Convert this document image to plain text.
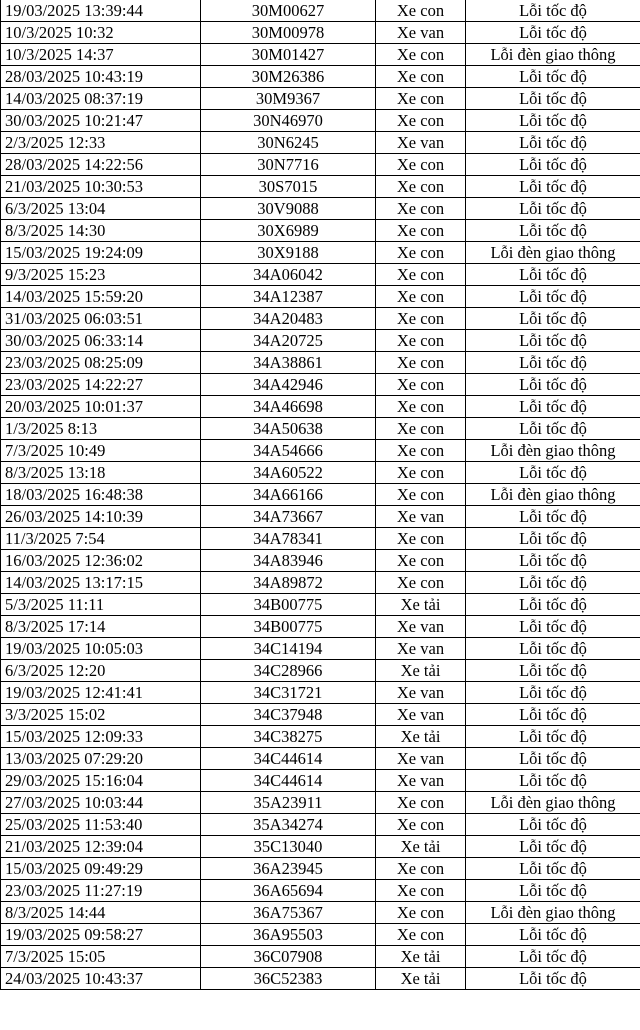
19/03/2025 13:39:44	30M00627	Xe con	Lỗi tốc độ
10/3/2025 10:32	30M00978	Xe van	Lỗi tốc độ
10/3/2025 14:37	30M01427	Xe con	Lỗi đèn giao thông
28/03/2025 10:43:19	30M26386	Xe con	Lỗi tốc độ
14/03/2025 08:37:19	30M9367	Xe con	Lỗi tốc độ
30/03/2025 10:21:47	30N46970	Xe con	Lỗi tốc độ
2/3/2025 12:33	30N6245	Xe van	Lỗi tốc độ
28/03/2025 14:22:56	30N7716	Xe con	Lỗi tốc độ
21/03/2025 10:30:53	30S7015	Xe con	Lỗi tốc độ
6/3/2025 13:04	30V9088	Xe con	Lỗi tốc độ
8/3/2025 14:30	30X6989	Xe con	Lỗi tốc độ
15/03/2025 19:24:09	30X9188	Xe con	Lỗi đèn giao thông
9/3/2025 15:23	34A06042	Xe con	Lỗi tốc độ
14/03/2025 15:59:20	34A12387	Xe con	Lỗi tốc độ
31/03/2025 06:03:51	34A20483	Xe con	Lỗi tốc độ
30/03/2025 06:33:14	34A20725	Xe con	Lỗi tốc độ
23/03/2025 08:25:09	34A38861	Xe con	Lỗi tốc độ
23/03/2025 14:22:27	34A42946	Xe con	Lỗi tốc độ
20/03/2025 10:01:37	34A46698	Xe con	Lỗi tốc độ
1/3/2025 8:13	34A50638	Xe con	Lỗi tốc độ
7/3/2025 10:49	34A54666	Xe con	Lỗi đèn giao thông
8/3/2025 13:18	34A60522	Xe con	Lỗi tốc độ
18/03/2025 16:48:38	34A66166	Xe con	Lỗi đèn giao thông
26/03/2025 14:10:39	34A73667	Xe van	Lỗi tốc độ
11/3/2025 7:54	34A78341	Xe con	Lỗi tốc độ
16/03/2025 12:36:02	34A83946	Xe con	Lỗi tốc độ
14/03/2025 13:17:15	34A89872	Xe con	Lỗi tốc độ
5/3/2025 11:11	34B00775	Xe tải	Lỗi tốc độ
8/3/2025 17:14	34B00775	Xe van	Lỗi tốc độ
19/03/2025 10:05:03	34C14194	Xe van	Lỗi tốc độ
6/3/2025 12:20	34C28966	Xe tải	Lỗi tốc độ
19/03/2025 12:41:41	34C31721	Xe van	Lỗi tốc độ
3/3/2025 15:02	34C37948	Xe van	Lỗi tốc độ
15/03/2025 12:09:33	34C38275	Xe tải	Lỗi tốc độ
13/03/2025 07:29:20	34C44614	Xe van	Lỗi tốc độ
29/03/2025 15:16:04	34C44614	Xe van	Lỗi tốc độ
27/03/2025 10:03:44	35A23911	Xe con	Lỗi đèn giao thông
25/03/2025 11:53:40	35A34274	Xe con	Lỗi tốc độ
21/03/2025 12:39:04	35C13040	Xe tải	Lỗi tốc độ
15/03/2025 09:49:29	36A23945	Xe con	Lỗi tốc độ
23/03/2025 11:27:19	36A65694	Xe con	Lỗi tốc độ
8/3/2025 14:44	36A75367	Xe con	Lỗi đèn giao thông
19/03/2025 09:58:27	36A95503	Xe con	Lỗi tốc độ
7/3/2025 15:05	36C07908	Xe tải	Lỗi tốc độ
24/03/2025 10:43:37	36C52383	Xe tải	Lỗi tốc độ
